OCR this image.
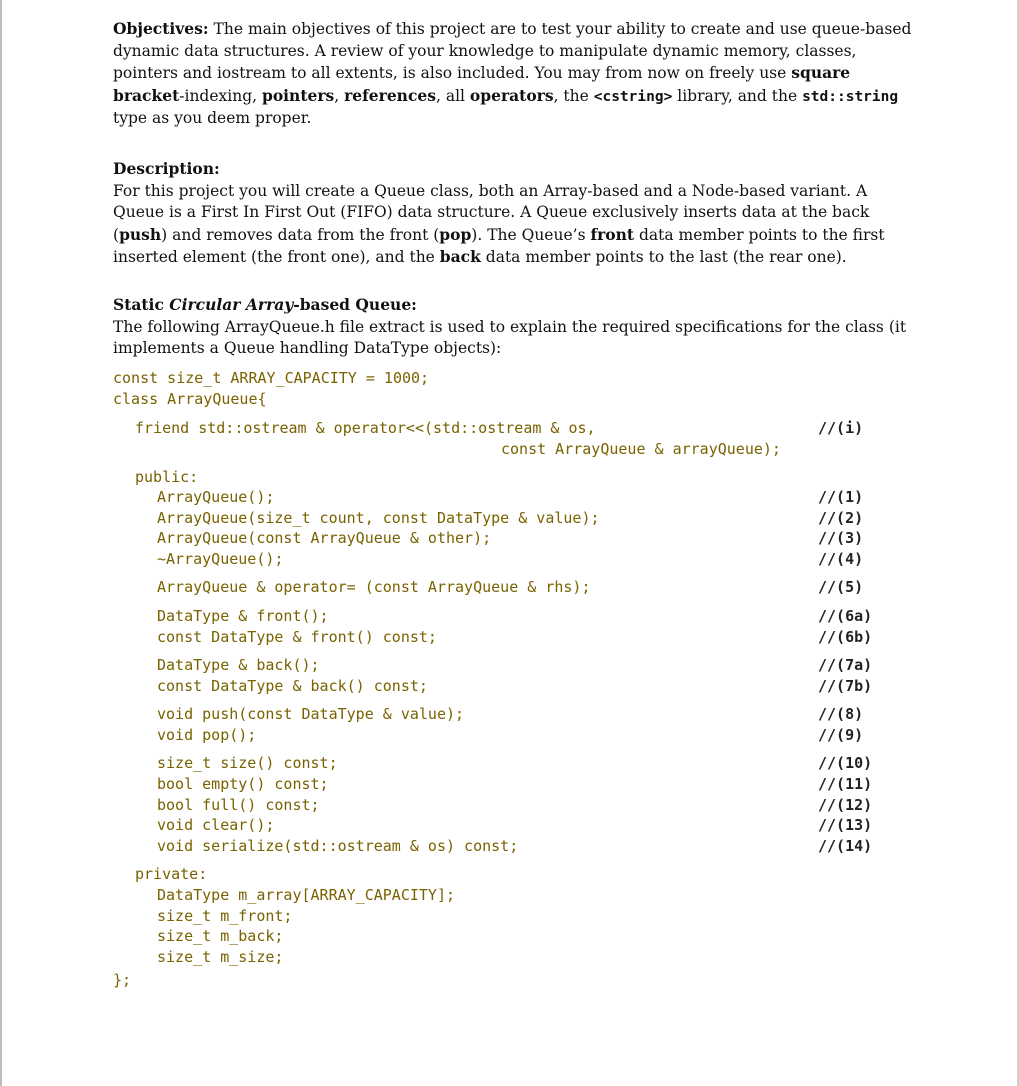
Objectives: The main objectives of this project are to test your ability to create and use queue-based dynamic data structures. A review of your knowledge to manipulate dynamic memory, classes, pointers and iostream to all extents, is also included. You may from now on freely use square bracket-indexing, pointers, references, all operators, the <cstring> library, and the std::string type as you deem proper.

Description:
For this project you will create a Queue class, both an Array-based and a Node-based variant. A Queue is a First In First Out (FIFO) data structure. A Queue exclusively inserts data at the back (push) and removes data from the front (pop). The Queue’s front data member points to the first inserted element (the front one), and the back data member points to the last (the rear one).

Static Circular Array-based Queue:
The following ArrayQueue.h file extract is used to explain the required specifications for the class (it implements a Queue handling DataType objects):

const size_t ARRAY_CAPACITY = 1000;
class ArrayQueue{
friend std::ostream & operator<<(std::ostream & os,
const ArrayQueue & arrayQueue);
public:
ArrayQueue();
ArrayQueue(size_t count, const DataType & value);
ArrayQueue(const ArrayQueue & other);
~ArrayQueue();
ArrayQueue & operator= (const ArrayQueue & rhs);
DataType & front();
const DataType & front() const;
DataType & back();
const DataType & back() const;
void push(const DataType & value);
void pop();
size_t size() const;
bool empty() const;
bool full() const;
void clear();
void serialize(std::ostream & os) const;
private:
DataType m_array[ARRAY_CAPACITY];
size_t m_front;
size_t m_back;
size_t m_size;
};
//(i)
//(1)
//(2)
//(3)
//(4)
//(5)
//(6a)
//(6b)
//(7a)
//(7b)
//(8)
//(9)
//(10)
//(11)
//(12)
//(13)
//(14)
